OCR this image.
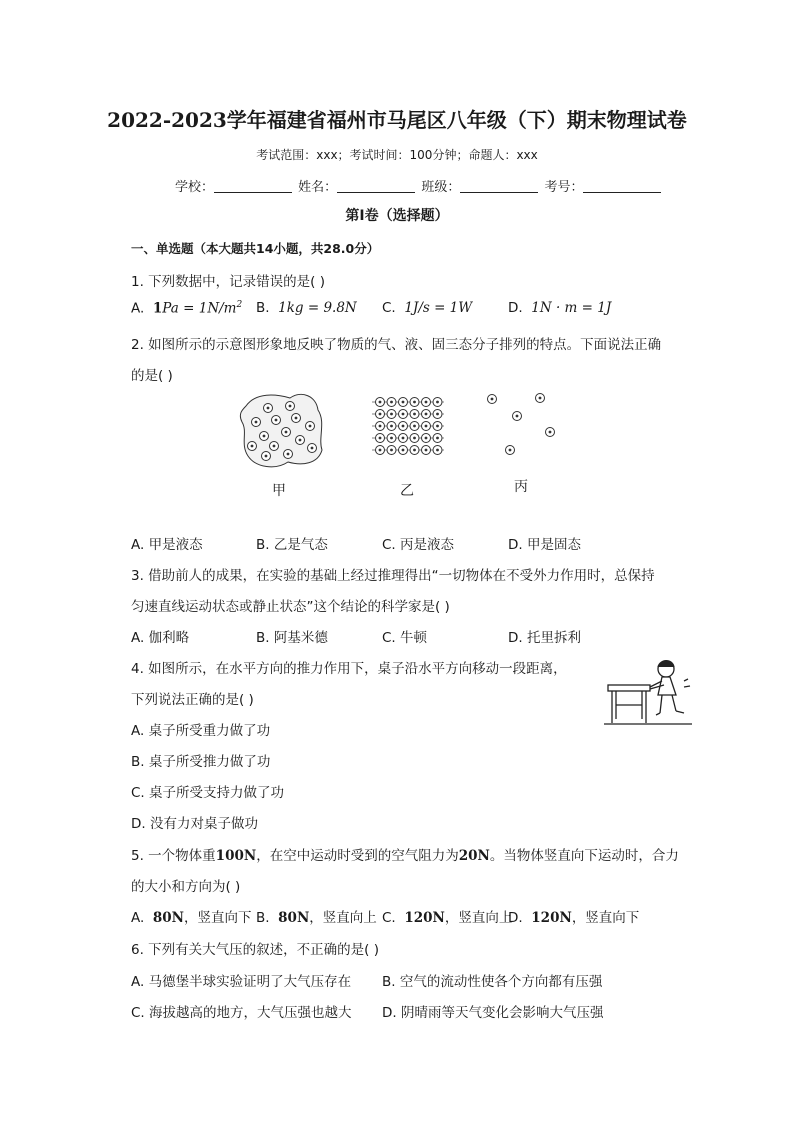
2022-2023学年福建省福州市马尾区八年级（下）期末物理试卷
考试范围：xxx；考试时间：100分钟；命题人：xxx
学校：	姓名：	班级：	考号：
第I卷（选择题）
一、单选题（本大题共14小题，共28.0分）
1. 下列数据中，记录错误的是( )
A. $1Pa = 1N/m^2$ B. 1kg = 9.8N C. 1J/s = 1W	D. 1N · m = 1J
2. 如图所示的示意图形象地反映了物质的气、液、固三态分子排列的特点。下面说法正确
的是( )
甲	乙	丙
A. 甲是液态	B. 乙是气态	C. 丙是液态	D. 甲是固态
3. 借助前人的成果，在实验的基础上经过推理得出“一切物体在不受外力作用时，总保持
匀速直线运动状态或静止状态”这个结论的科学家是( )
A. 伽利略	B. 阿基米德	C. 牛顿	D. 托里拆利
4. 如图所示，在水平方向的推力作用下，桌子沿水平方向移动一段距离，
下列说法正确的是( )
A. 桌子所受重力做了功
B. 桌子所受推力做了功
C. 桌子所受支持力做了功
D. 没有力对桌子做功
5. 一个物体重100N，在空中运动时受到的空气阻力为20N。当物体竖直向下运动时，合力
的大小和方向为( )
A. 80N，竖直向下 B. 80N，竖直向上 C. 120N，竖直向上
D. 120N，竖直向下
6. 下列有关大气压的叙述，不正确的是( )
A. 马德堡半球实验证明了大气压存在 B. 空气的流动性使各个方向都有压强
C. 海拔越高的地方，大气压强也越大 D. 阴晴雨等天气变化会影响大气压强
